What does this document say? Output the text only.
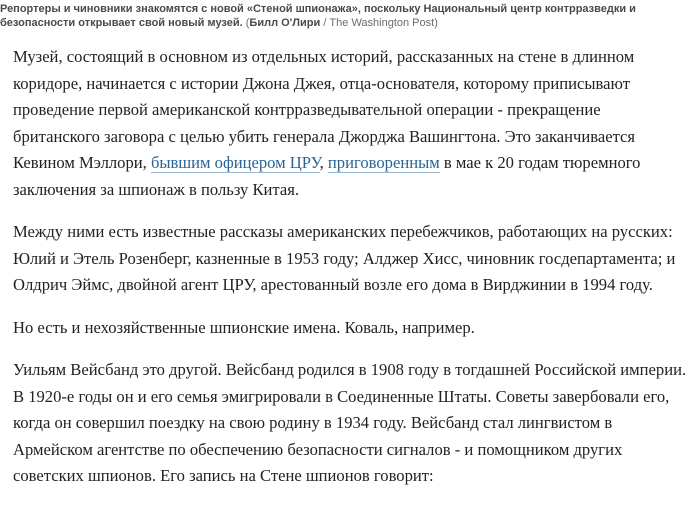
Репортеры и чиновники знакомятся с новой «Стеной шпионажа», поскольку Национальный центр контрразведки и безопасности открывает свой новый музей. (Билл О'Лири / The Washington Post)

Музей, состоящий в основном из отдельных историй, рассказанных на стене в длинном коридоре, начинается с истории Джона Джея, отца-основателя, которому приписывают проведение первой американской контрразведывательной операции - прекращение британского заговора с целью убить генерала Джорджа Вашингтона. Это заканчивается Кевином Мэллори, бывшим офицером ЦРУ, приговоренным в мае к 20 годам тюремного заключения за шпионаж в пользу Китая.

Между ними есть известные рассказы американских перебежчиков, работающих на русских: Юлий и Этель Розенберг, казненные в 1953 году; Алджер Хисс, чиновник госдепартамента; и Олдрич Эймс, двойной агент ЦРУ, арестованный возле его дома в Вирджинии в 1994 году.

Но есть и нехозяйственные шпионские имена. Коваль, например.

Уильям Вейсбанд это другой. Вейсбанд родился в 1908 году в тогдашней Российской империи. В 1920-е годы он и его семья эмигрировали в Соединенные Штаты. Советы завербовали его, когда он совершил поездку на свою родину в 1934 году. Вейсбанд стал лингвистом в Армейском агентстве по обеспечению безопасности сигналов - и помощником других советских шпионов. Его запись на Стене шпионов говорит:
